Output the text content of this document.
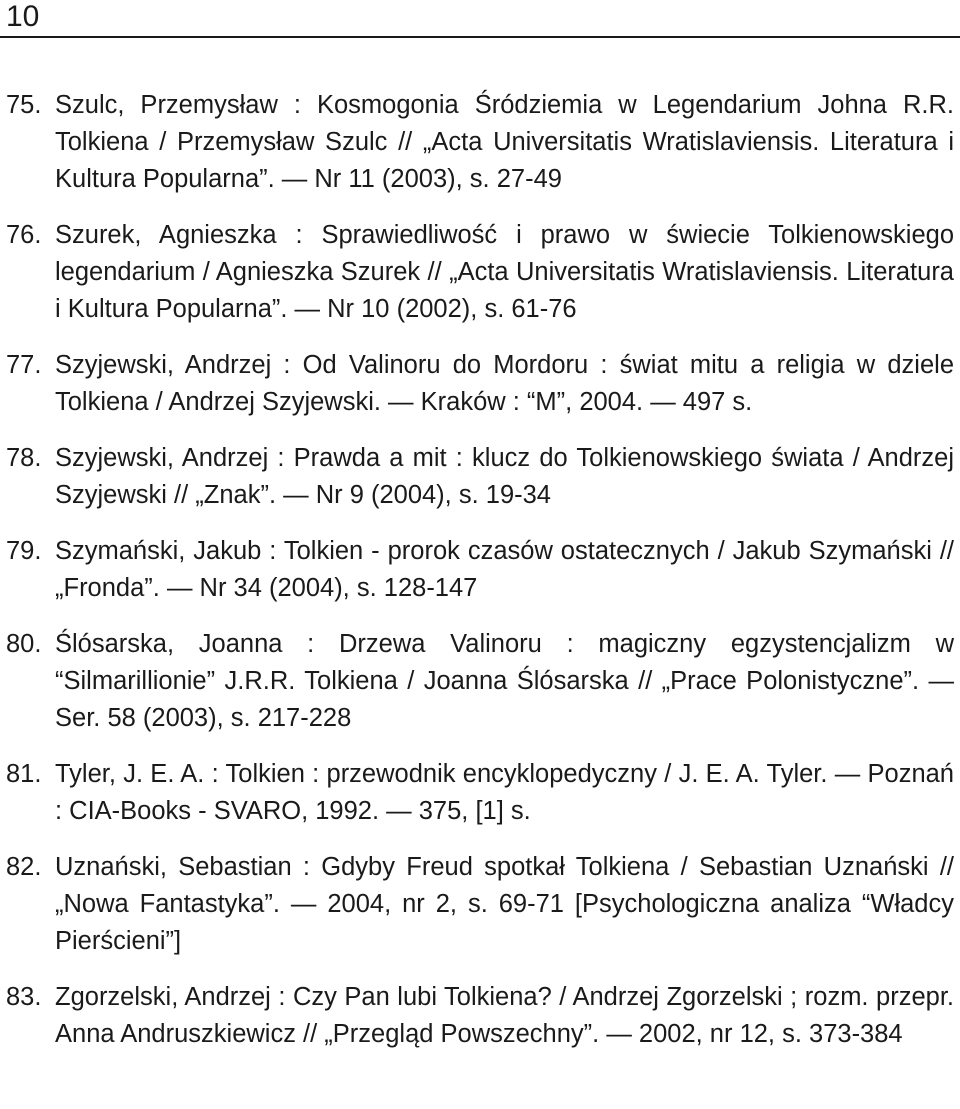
10
75. Szulc, Przemysław : Kosmogonia Śródziemia w Legendarium Johna R.R. Tolkiena / Przemysław Szulc // „Acta Universitatis Wratislaviensis. Literatura i Kultura Popularna”. — Nr 11 (2003), s. 27-49
76. Szurek, Agnieszka : Sprawiedliwość i prawo w świecie Tolkienowskiego legendarium / Agnieszka Szurek // „Acta Universitatis Wratislaviensis. Literatura i Kultura Popularna”. — Nr 10 (2002), s. 61-76
77. Szyjewski, Andrzej : Od Valinoru do Mordoru : świat mitu a religia w dziele Tolkiena / Andrzej Szyjewski. — Kraków : “M”, 2004. — 497 s.
78. Szyjewski, Andrzej : Prawda a mit : klucz do Tolkienowskiego świata / Andrzej Szyjewski // „Znak”. — Nr 9 (2004), s. 19-34
79. Szymański, Jakub : Tolkien - prorok czasów ostatecznych / Jakub Szymański // „Fronda”. — Nr 34 (2004), s. 128-147
80. Ślósarska, Joanna : Drzewa Valinoru : magiczny egzystencjalizm w “Silmarillionie” J.R.R. Tolkiena / Joanna Ślósarska // „Prace Polonistyczne”. — Ser. 58 (2003), s. 217-228
81. Tyler, J. E. A. : Tolkien : przewodnik encyklopedyczny / J. E. A. Tyler. — Poznań : CIA-Books - SVARO, 1992. — 375, [1] s.
82. Uznański, Sebastian : Gdyby Freud spotkał Tolkiena / Sebastian Uznański // „Nowa Fantastyka”. — 2004, nr 2, s. 69-71 [Psychologiczna analiza “Władcy Pierścieni”]
83. Zgorzelski, Andrzej : Czy Pan lubi Tolkiena? / Andrzej Zgorzelski ; rozm. przepr. Anna Andruszkiewicz // „Przegląd Powszechny”. — 2002, nr 12, s. 373-384
